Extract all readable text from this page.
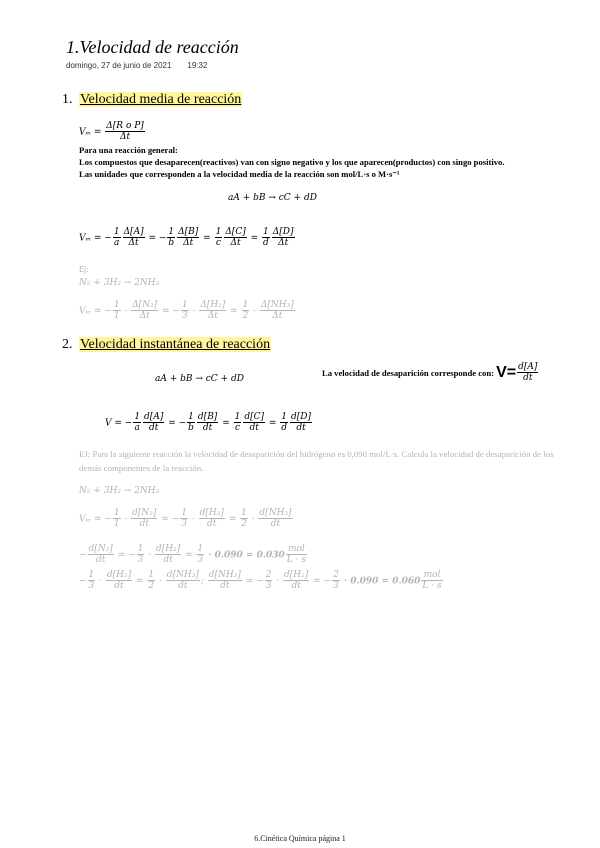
1.Velocidad de reacción
domingo, 27 de junio de 2021 19:32
1. Velocidad media de reacción
$V_m = \frac{\text{Δ[R o P]}}{\Delta t}$
Para una reacción general:
Los compuestos que desaparecen(reactivos) van con signo negativo y los que aparecen(productos) con singo positivo.
Las unidades que corresponden a la velocidad media de la reacción son mol/L·s o M·s⁻¹
aA + bB → cC + dD
Vₘ = − $\frac{1}{a} \frac{\Delta[A]}{\Delta t}$ = − $\frac{1}{b} \frac{\Delta[B]}{\Delta t} = \frac{1}{c} \frac{\Delta[C]}{\Delta t} = \frac{1}{d} \frac{\Delta[D]}{\Delta t}$
Ej:
N₂ + 3H₂ → 2NH₃
Vₘ = − $\frac{1}{1} \cdot \frac{\text{Δ[N₂]}}{\Delta t}$ = − $\frac{1}{3} \cdot \frac{\text{Δ[H₂]}}{\Delta t} = \frac{1}{2} \cdot \frac{\text{Δ[NH₃]}}{\Delta t}$
2. Velocidad instantánea de reacción
aA + bB → cC + dD
La velocidad de desaparición corresponde con: $V= \frac{d[A]}{dt}$
V = − $\frac{1}{a} \frac{d[A]}{dt}$ = − $\frac{1}{b} \frac{d[B]}{dt} = \frac{1}{c} \frac{d[C]}{dt} = \frac{1}{d} \frac{d[D]}{dt}$
EJ: Para la siguiente reacción la velocidad de desaparición del hidrógeno es 0,090 mol/L·s. Calcula la velocidad de desaparición de los demás componentes de la reacción.
N₂ + 3H₂ → 2NH₃
Vₘ = − $\frac{1}{1} \cdot \frac{\text{d[N₂]}}{dt}$ = − $\frac{1}{3} \cdot \frac{\text{d[H₂]}}{dt} = \frac{1}{2} \cdot \frac{\text{d[NH₃]}}{dt}$
− $\frac{\text{d[N₂]}}{dt}$ = − $\frac{1}{3} \cdot \frac{\text{d[H₂]}}{dt} = \frac{1}{3} \cdot 0.090 = 0.030 \frac{\text{mol}}{L \cdot s}$
− $\frac{1}{3} \cdot \frac{\text{d[H₂]}}{dt} = \frac{1}{2} \cdot \frac{\text{d[NH₃]}}{dt}$ ; $\frac{\text{d[NH₃]}}{dt}$ = − $\frac{2}{3} \cdot \frac{\text{d[H₂]}}{dt}$ = − $\frac{2}{3} \cdot 0.090 = 0.060 \frac{\text{mol}}{L \cdot s}$
6.Cinética Química página 1
